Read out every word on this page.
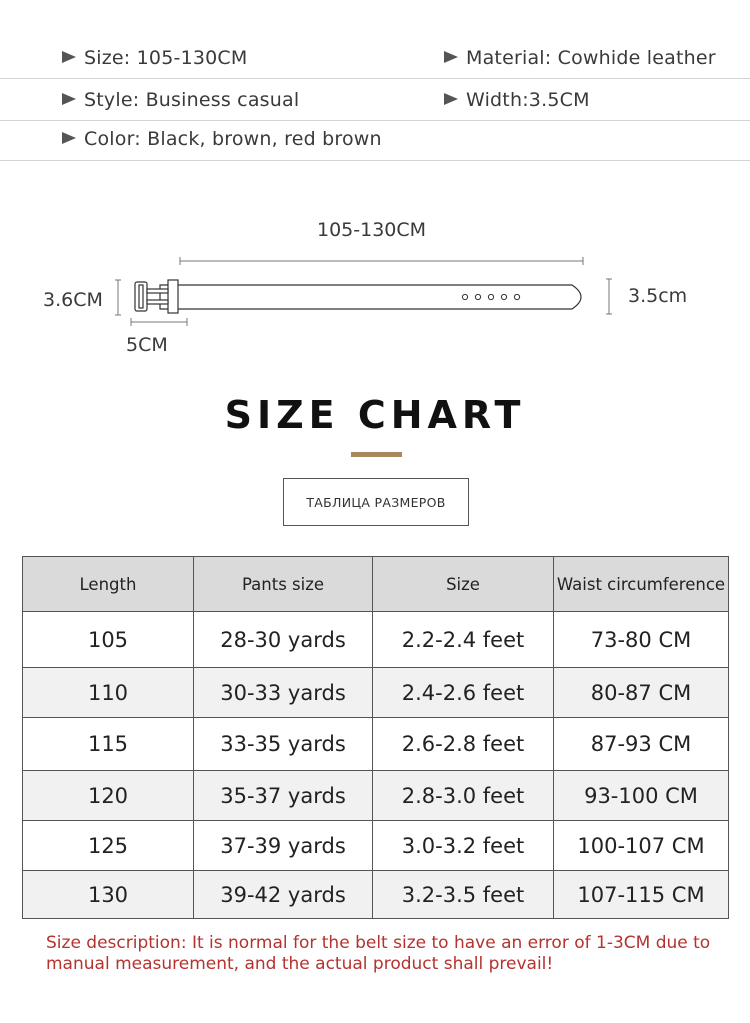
Size: 105-130CM	Material: Cowhide leather
Style: Business casual	Width:3.5CM
Color: Black, brown, red brown
105-130CM
3.6CM	3.5cm
5CM
SIZE CHART
ТАБЛИЦА РАЗМЕРОВ
Length	Pants size	Size	Waist circumference
105	28-30 yards	2.2-2.4 feet	73-80 CM
110	30-33 yards	2.4-2.6 feet	80-87 CM
115	33-35 yards	2.6-2.8 feet	87-93 CM
120	35-37 yards	2.8-3.0 feet	93-100 CM
125	37-39 yards	3.0-3.2 feet	100-107 CM
130	39-42 yards	3.2-3.5 feet	107-115 CM
Size description: It is normal for the belt size to have an error of 1-3CM due to manual measurement, and the actual product shall prevail!
